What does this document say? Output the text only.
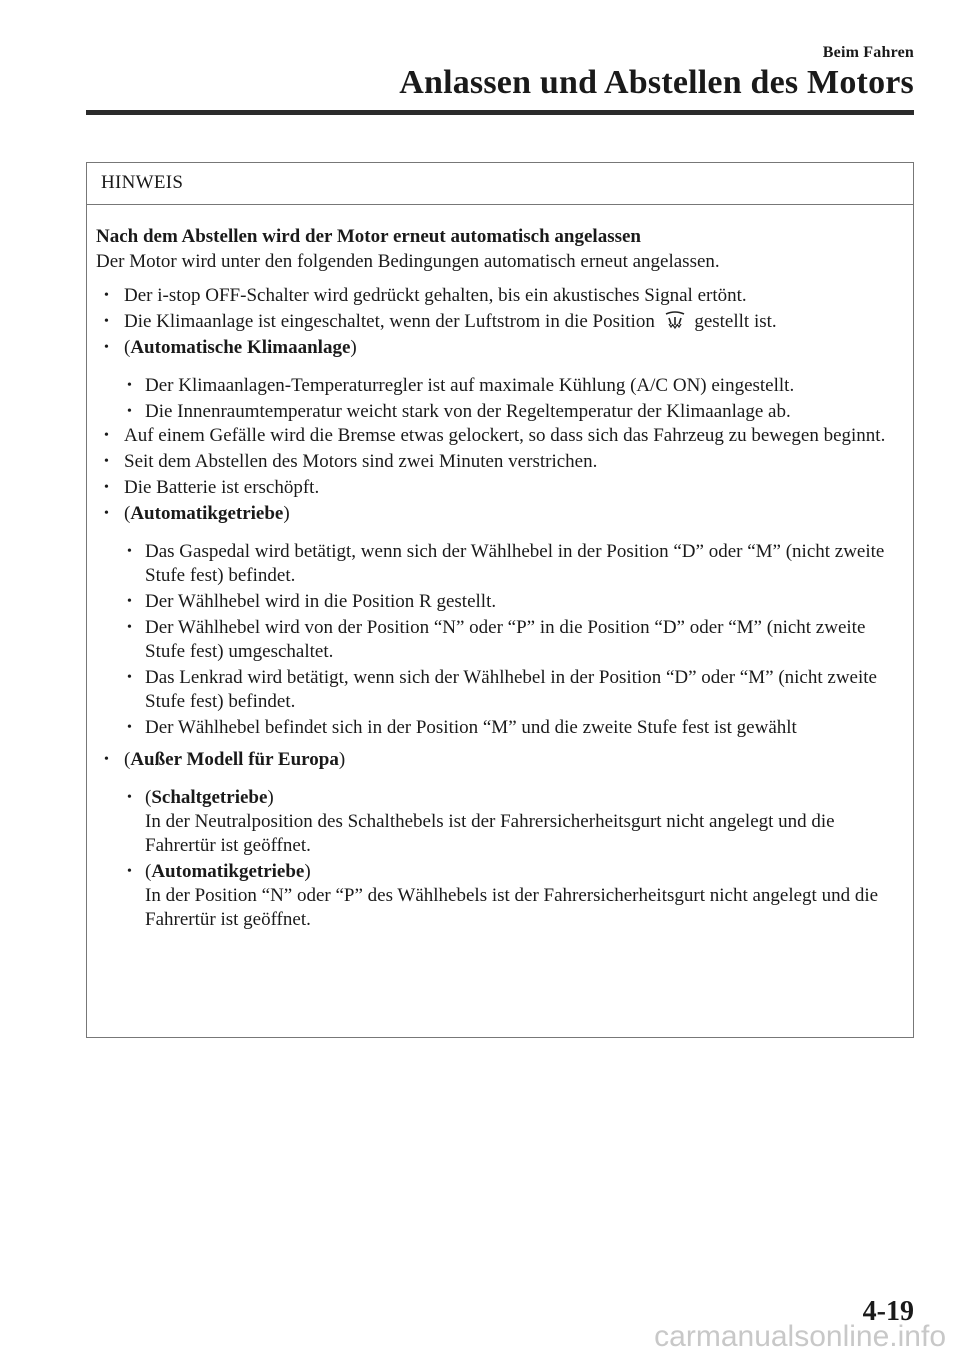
Beim Fahren
Anlassen und Abstellen des Motors
HINWEIS
Nach dem Abstellen wird der Motor erneut automatisch angelassen
Der Motor wird unter den folgenden Bedingungen automatisch erneut angelassen.
• Der i-stop OFF-Schalter wird gedrückt gehalten, bis ein akustisches Signal ertönt.
• Die Klimaanlage ist eingeschaltet, wenn der Luftstrom in die Position gestellt ist.
• (Automatische Klimaanlage)
• Der Klimaanlagen-Temperaturregler ist auf maximale Kühlung (A/C ON) eingestellt.
• Die Innenraumtemperatur weicht stark von der Regeltemperatur der Klimaanlage ab.
• Auf einem Gefälle wird die Bremse etwas gelockert, so dass sich das Fahrzeug zu bewegen beginnt.
• Seit dem Abstellen des Motors sind zwei Minuten verstrichen.
• Die Batterie ist erschöpft.
• (Automatikgetriebe)
• Das Gaspedal wird betätigt, wenn sich der Wählhebel in der Position “D” oder “M” (nicht zweite Stufe fest) befindet.
• Der Wählhebel wird in die Position R gestellt.
• Der Wählhebel wird von der Position “N” oder “P” in die Position “D” oder “M” (nicht zweite Stufe fest) umgeschaltet.
• Das Lenkrad wird betätigt, wenn sich der Wählhebel in der Position “D” oder “M” (nicht zweite Stufe fest) befindet.
• Der Wählhebel befindet sich in der Position “M” und die zweite Stufe fest ist gewählt
• (Außer Modell für Europa)
• (Schaltgetriebe)
In der Neutralposition des Schalthebels ist der Fahrersicherheitsgurt nicht angelegt und die Fahrertür ist geöffnet.
• (Automatikgetriebe)
In der Position “N” oder “P” des Wählhebels ist der Fahrersicherheitsgurt nicht angelegt und die Fahrertür ist geöffnet.
4-19
carmanualsonline.info
